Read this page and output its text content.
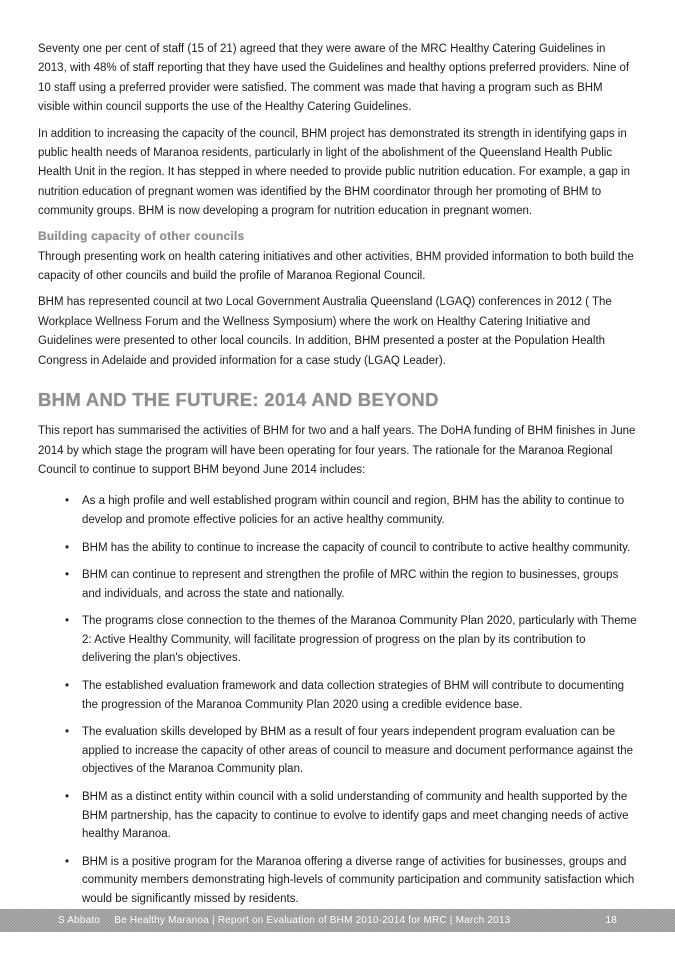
Seventy one per cent of staff (15 of 21) agreed that they were aware of the MRC Healthy Catering Guidelines in 2013, with 48% of staff reporting that they have used the Guidelines and healthy options preferred providers. Nine of 10 staff using a preferred provider were satisfied. The comment was made that having a program such as BHM visible within council supports the use of the Healthy Catering Guidelines.

In addition to increasing the capacity of the council, BHM project has demonstrated its strength in identifying gaps in public health needs of Maranoa residents, particularly in light of the abolishment of the Queensland Health Public Health Unit in the region. It has stepped in where needed to provide public nutrition education. For example, a gap in nutrition education of pregnant women was identified by the BHM coordinator through her promoting of BHM to community groups. BHM is now developing a program for nutrition education in pregnant women.

Building capacity of other councils

Through presenting work on health catering initiatives and other activities, BHM provided information to both build the capacity of other councils and build the profile of Maranoa Regional Council.

BHM has represented council at two Local Government Australia Queensland (LGAQ) conferences in 2012 ( The Workplace Wellness Forum and the Wellness Symposium) where the work on Healthy Catering Initiative and Guidelines were presented to other local councils. In addition, BHM presented a poster at the Population Health Congress in Adelaide and provided information for a case study (LGAQ Leader).

BHM AND THE FUTURE: 2014 AND BEYOND

This report has summarised the activities of BHM for two and a half years. The DoHA funding of BHM finishes in June 2014 by which stage the program will have been operating for four years. The rationale for the Maranoa Regional Council to continue to support BHM beyond June 2014 includes:

•	As a high profile and well established program within council and region, BHM has the ability to continue to develop and promote effective policies for an active healthy community.
•	BHM has the ability to continue to increase the capacity of council to contribute to active healthy community.
•	BHM can continue to represent and strengthen the profile of MRC within the region to businesses, groups and individuals, and across the state and nationally.
•	The programs close connection to the themes of the Maranoa Community Plan 2020, particularly with Theme 2: Active Healthy Community, will facilitate progression of progress on the plan by its contribution to delivering the plan's objectives.
•	The established evaluation framework and data collection strategies of BHM will contribute to documenting the progression of the Maranoa Community Plan 2020 using a credible evidence base.
•	The evaluation skills developed by BHM as a result of four years independent program evaluation can be applied to increase the capacity of other areas of council to measure and document performance against the objectives of the Maranoa Community plan.
•	BHM as a distinct entity within council with a solid understanding of community and health supported by the BHM partnership, has the capacity to continue to evolve to identify gaps and meet changing needs of active healthy Maranoa.
•	BHM is a positive program for the Maranoa offering a diverse range of activities for businesses, groups and community members demonstrating high-levels of community participation and community satisfaction which would be significantly missed by residents.
S Abbato Be Healthy Maranoa | Report on Evaluation of BHM 2010-2014 for MRC | March 2013	18
